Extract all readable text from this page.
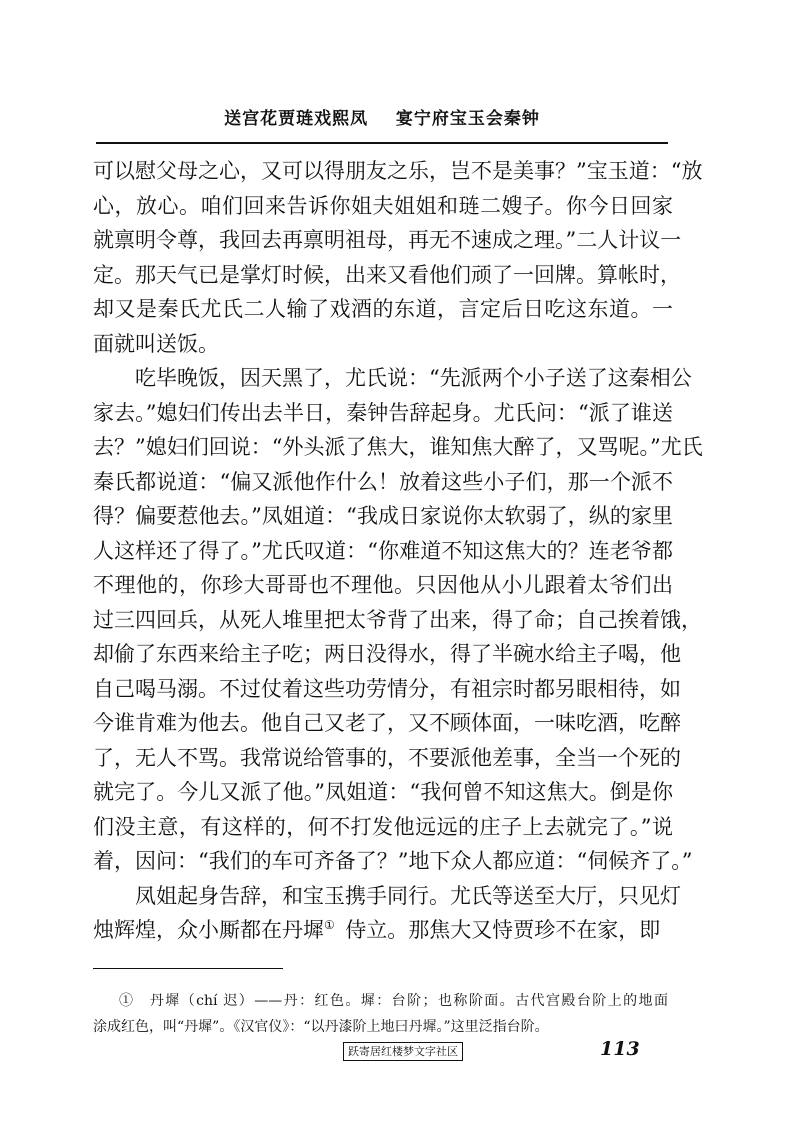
送宫花贾琏戏熙凤    宴宁府宝玉会秦钟
可以慰父母之心，又可以得朋友之乐，岂不是美事？”宝玉道：“放
心，放心。咱们回来告诉你姐夫姐姐和琏二嫂子。你今日回家
就禀明令尊，我回去再禀明祖母，再无不速成之理。”二人计议一
定。那天气已是掌灯时候，出来又看他们顽了一回牌。算帐时，
却又是秦氏尤氏二人输了戏酒的东道，言定后日吃这东道。一
面就叫送饭。
吃毕晚饭，因天黑了，尤氏说：“先派两个小子送了这秦相公
家去。”媳妇们传出去半日，秦钟告辞起身。尤氏问：“派了谁送
去？”媳妇们回说：“外头派了焦大，谁知焦大醉了，又骂呢。”尤氏
秦氏都说道：“偏又派他作什么！放着这些小子们，那一个派不
得？偏要惹他去。”凤姐道：“我成日家说你太软弱了，纵的家里
人这样还了得了。”尤氏叹道：“你难道不知这焦大的？连老爷都
不理他的，你珍大哥哥也不理他。只因他从小儿跟着太爷们出
过三四回兵，从死人堆里把太爷背了出来，得了命；自己挨着饿，
却偷了东西来给主子吃；两日没得水，得了半碗水给主子喝，他
自己喝马溺。不过仗着这些功劳情分，有祖宗时都另眼相待，如
今谁肯难为他去。他自己又老了，又不顾体面，一味吃酒，吃醉
了，无人不骂。我常说给管事的，不要派他差事，全当一个死的
就完了。今儿又派了他。”凤姐道：“我何曾不知这焦大。倒是你
们没主意，有这样的，何不打发他远远的庄子上去就完了。”说
着，因问：“我们的车可齐备了？”地下众人都应道：“伺候齐了。”
凤姐起身告辞，和宝玉携手同行。尤氏等送至大厅，只见灯
烛辉煌，众小厮都在丹墀①  侍立。那焦大又恃贾珍不在家，即
①　丹墀（chí 迟）——丹：红色。墀：台阶；也称阶面。古代宫殿台阶上的地面
涂成红色，叫“丹墀”。《汉官仪》：“以丹漆阶上地曰丹墀。”这里泛指台阶。
跃寄居红楼梦文字社区	113
